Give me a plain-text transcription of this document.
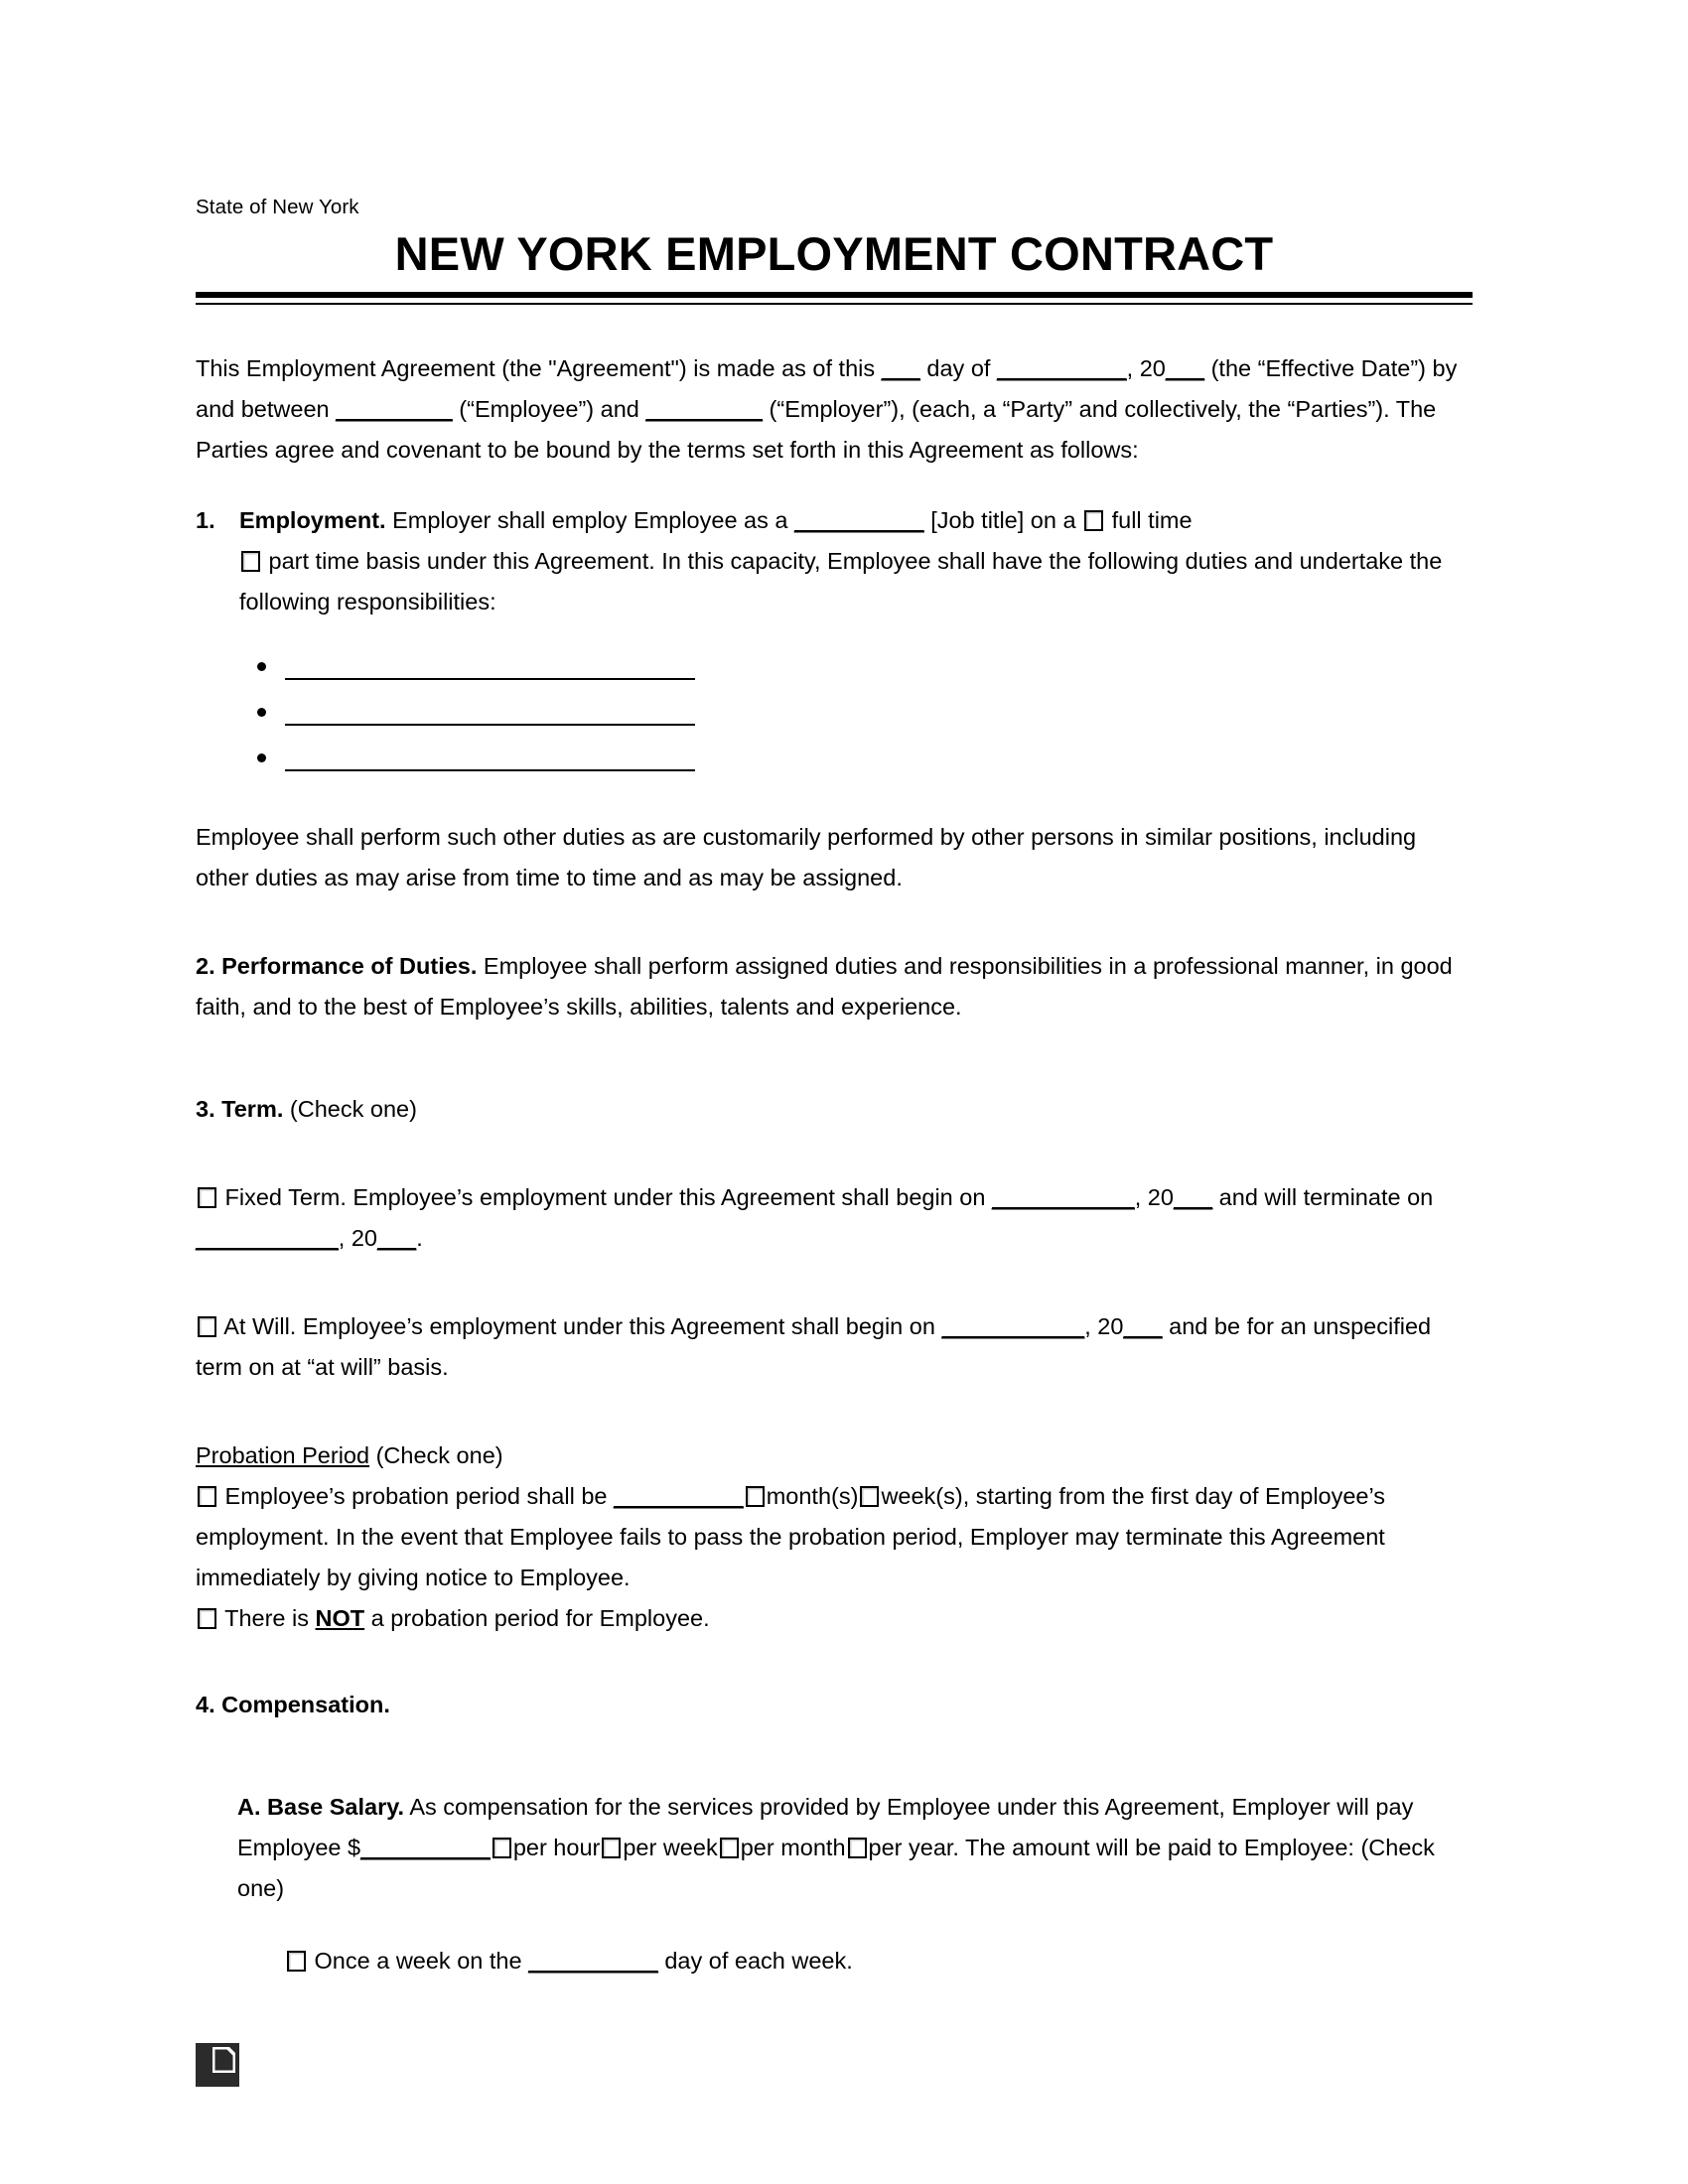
State of New York
NEW YORK EMPLOYMENT CONTRACT

This Employment Agreement (the "Agreement") is made as of this ___ day of __________, 20___ (the “Effective Date”) by and between _________ (“Employee”) and _________ (“Employer”), (each, a “Party” and collectively, the “Parties”). The Parties agree and covenant to be bound by the terms set forth in this Agreement as follows:

1.	Employment. Employer shall employ Employee as a __________ [Job title] on a  full time
part time basis under this Agreement. In this capacity, Employee shall have the following duties and undertake the following responsibilities:

Employee shall perform such other duties as are customarily performed by other persons in similar positions, including other duties as may arise from time to time and as may be assigned.

2. Performance of Duties. Employee shall perform assigned duties and responsibilities in a professional manner, in good faith, and to the best of Employee’s skills, abilities, talents and experience.

3. Term. (Check one)

Fixed Term. Employee’s employment under this Agreement shall begin on ___________, 20___ and will terminate on ___________, 20___.

At Will. Employee’s employment under this Agreement shall begin on ___________, 20___ and be for an unspecified term on at “at will” basis.

Probation Period (Check one)

Employee’s probation period shall be __________ month(s) week(s), starting from the first day of Employee’s employment. In the event that Employee fails to pass the probation period, Employer may terminate this Agreement immediately by giving notice to Employee.

There is NOT a probation period for Employee.

4. Compensation.

A. Base Salary. As compensation for the services provided by Employee under this Agreement, Employer will pay Employee $__________ per hour per week per month per year. The amount will be paid to Employee: (Check one)

Once a week on the __________ day of each week.
